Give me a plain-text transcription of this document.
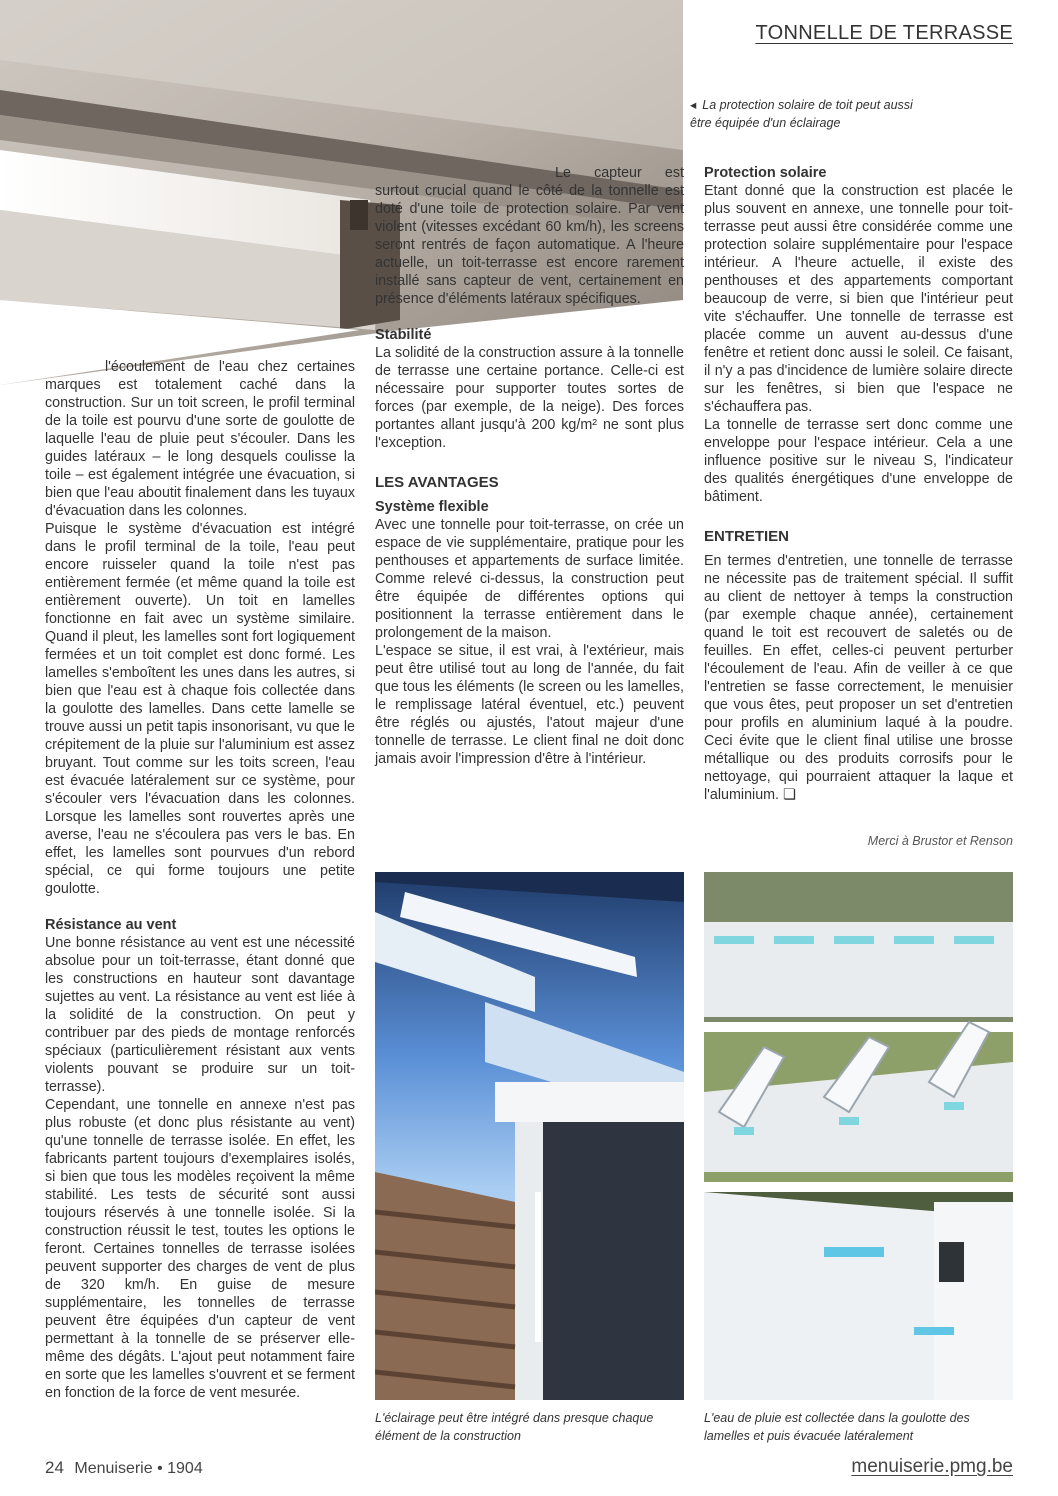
TONNELLE DE TERRASSE
◂ La protection solaire de toit peut aussi être équipée d'un éclairage

l'écoulement de l'eau chez certaines marques est totalement caché dans la construction. Sur un toit screen, le profil terminal de la toile est pourvu d'une sorte de goulotte de laquelle l'eau de pluie peut s'écouler. Dans les guides latéraux – le long desquels coulisse la toile – est également intégrée une évacuation, si bien que l'eau aboutit finalement dans les tuyaux d'évacuation dans les colonnes.

Puisque le système d'évacuation est intégré dans le profil terminal de la toile, l'eau peut encore ruisseler quand la toile n'est pas entièrement fermée (et même quand la toile est entièrement ouverte). Un toit en lamelles fonctionne en fait avec un système similaire. Quand il pleut, les lamelles sont fort logiquement fermées et un toit complet est donc formé. Les lamelles s'emboîtent les unes dans les autres, si bien que l'eau est à chaque fois collectée dans la goulotte des lamelles. Dans cette lamelle se trouve aussi un petit tapis insonorisant, vu que le crépitement de la pluie sur l'aluminium est assez bruyant. Tout comme sur les toits screen, l'eau est évacuée latéralement sur ce système, pour s'écouler vers l'évacuation dans les colonnes. Lorsque les lamelles sont rouvertes après une averse, l'eau ne s'écoulera pas vers le bas. En effet, les lamelles sont pourvues d'un rebord spécial, ce qui forme toujours une petite goulotte.

Résistance au vent

Une bonne résistance au vent est une nécessité absolue pour un toit-terrasse, étant donné que les constructions en hauteur sont davantage sujettes au vent. La résistance au vent est liée à la solidité de la construction. On peut y contribuer par des pieds de montage renforcés spéciaux (particulièrement résistant aux vents violents pouvant se produire sur un toit-terrasse).

Cependant, une tonnelle en annexe n'est pas plus robuste (et donc plus résistante au vent) qu'une tonnelle de terrasse isolée. En effet, les fabricants partent toujours d'exemplaires isolés, si bien que tous les modèles reçoivent la même stabilité. Les tests de sécurité sont aussi toujours réservés à une tonnelle isolée. Si la construction réussit le test, toutes les options le feront. Certaines tonnelles de terrasse isolées peuvent supporter des charges de vent de plus de 320 km/h. En guise de mesure supplémentaire, les tonnelles de terrasse peuvent être équipées d'un capteur de vent permettant à la tonnelle de se préserver elle-même des dégâts. L'ajout peut notamment faire en sorte que les lamelles s'ouvrent et se ferment en fonction de la force de vent mesurée.

Le capteur est surtout crucial quand le côté de la tonnelle est doté d'une toile de protection solaire. Par vent violent (vitesses excédant 60 km/h), les screens seront rentrés de façon automatique. A l'heure actuelle, un toit-terrasse est encore rarement installé sans capteur de vent, certainement en présence d'éléments latéraux spécifiques.

Stabilité

La solidité de la construction assure à la tonnelle de terrasse une certaine portance. Celle-ci est nécessaire pour supporter toutes sortes de forces (par exemple, de la neige). Des forces portantes allant jusqu'à 200 kg/m² ne sont plus l'exception.

LES AVANTAGES
Système flexible

Avec une tonnelle pour toit-terrasse, on crée un espace de vie supplémentaire, pratique pour les penthouses et appartements de surface limitée. Comme relevé ci-dessus, la construction peut être équipée de différentes options qui positionnent la terrasse entièrement dans le prolongement de la maison.

L'espace se situe, il est vrai, à l'extérieur, mais peut être utilisé tout au long de l'année, du fait que tous les éléments (le screen ou les lamelles, le remplissage latéral éventuel, etc.) peuvent être réglés ou ajustés, l'atout majeur d'une tonnelle de terrasse. Le client final ne doit donc jamais avoir l'impression d'être à l'intérieur.

Protection solaire

Etant donné que la construction est placée le plus souvent en annexe, une tonnelle pour toit-terrasse peut aussi être considérée comme une protection solaire supplémentaire pour l'espace intérieur. A l'heure actuelle, il existe des penthouses et des appartements comportant beaucoup de verre, si bien que l'intérieur peut vite s'échauffer. Une tonnelle de terrasse est placée comme un auvent au-dessus d'une fenêtre et retient donc aussi le soleil. Ce faisant, il n'y a pas d'incidence de lumière solaire directe sur les fenêtres, si bien que l'espace ne s'échauffera pas.

La tonnelle de terrasse sert donc comme une enveloppe pour l'espace intérieur. Cela a une influence positive sur le niveau S, l'indicateur des qualités énergétiques d'une enveloppe de bâtiment.

ENTRETIEN

En termes d'entretien, une tonnelle de terrasse ne nécessite pas de traitement spécial. Il suffit au client de nettoyer à temps la construction (par exemple chaque année), certainement quand le toit est recouvert de saletés ou de feuilles. En effet, celles-ci peuvent perturber l'écoulement de l'eau. Afin de veiller à ce que l'entretien se fasse correctement, le menuisier que vous êtes, peut proposer un set d'entretien pour profils en aluminium laqué à la poudre. Ceci évite que le client final utilise une brosse métallique ou des produits corrosifs pour le nettoyage, qui pourraient attaquer la laque et l'aluminium. ❏

Merci à Brustor et Renson
L'éclairage peut être intégré dans presque chaque élément de la construction
L'eau de pluie est collectée dans la goulotte des lamelles et puis évacuée latéralement
24 Menuiserie • 1904	menuiserie.pmg.be
